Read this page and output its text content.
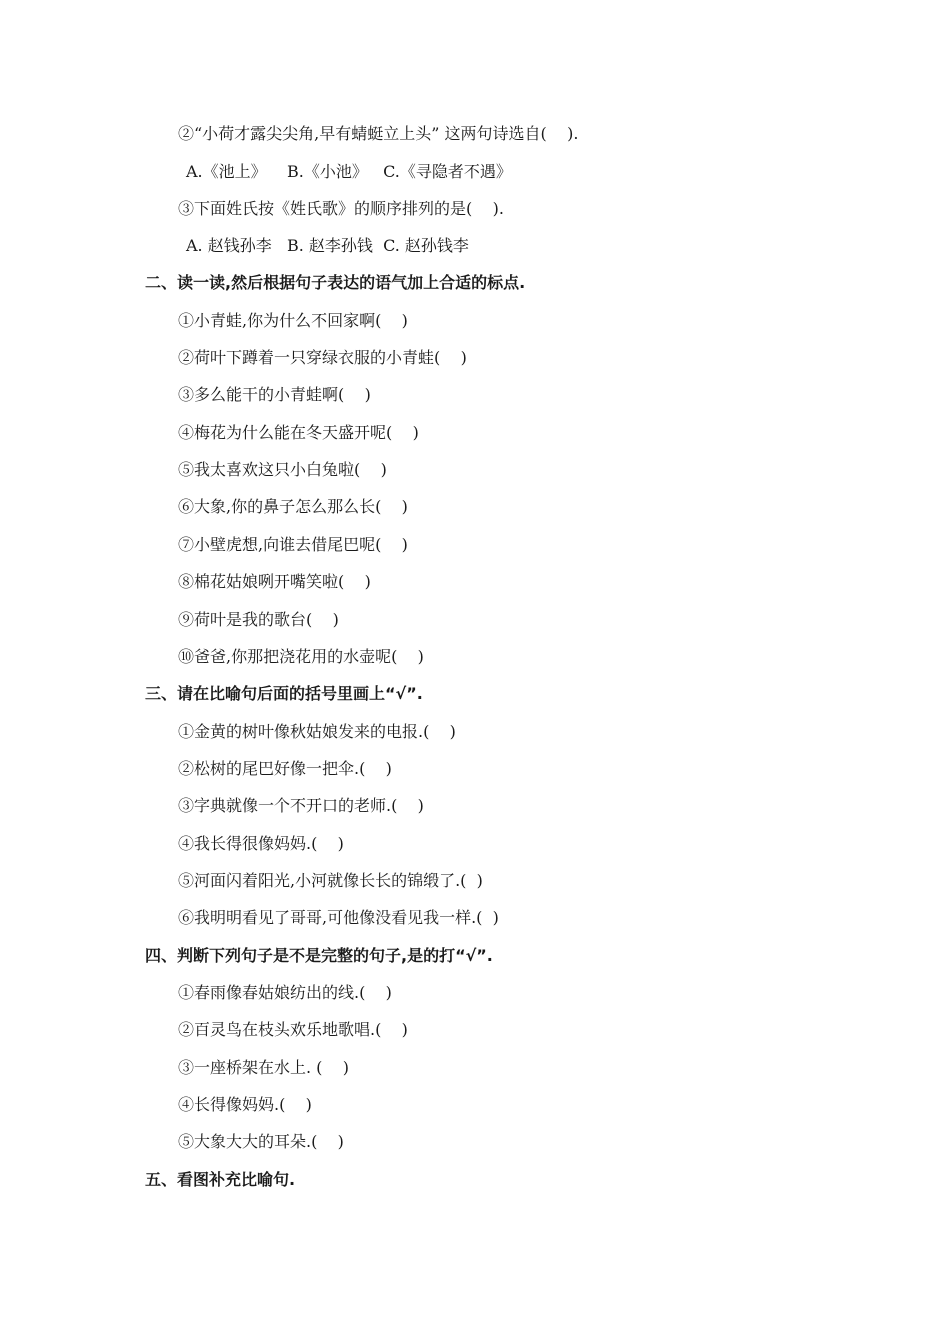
②“小荷才露尖尖角,早有蜻蜓立上头” 这两句诗选自(    ).
A.《池上》    B.《小池》   C.《寻隐者不遇》
③下面姓氏按《姓氏歌》的顺序排列的是(    ).
A. 赵钱孙李   B. 赵李孙钱  C. 赵孙钱李
二、读一读,然后根据句子表达的语气加上合适的标点.
①小青蛙,你为什么不回家啊(    )
②荷叶下蹲着一只穿绿衣服的小青蛙(    )
③多么能干的小青蛙啊(    )
④梅花为什么能在冬天盛开呢(    )
⑤我太喜欢这只小白兔啦(    )
⑥大象,你的鼻子怎么那么长(    )
⑦小壁虎想,向谁去借尾巴呢(    )
⑧棉花姑娘咧开嘴笑啦(    )
⑨荷叶是我的歌台(    )
⑩爸爸,你那把浇花用的水壶呢(    )
三、请在比喻句后面的括号里画上“√”.
①金黄的树叶像秋姑娘发来的电报.(    )
②松树的尾巴好像一把伞.(    )
③字典就像一个不开口的老师.(    )
④我长得很像妈妈.(    )
⑤河面闪着阳光,小河就像长长的锦缎了.(  )
⑥我明明看见了哥哥,可他像没看见我一样.(  )
四、判断下列句子是不是完整的句子,是的打“√”.
①春雨像春姑娘纺出的线.(    )
②百灵鸟在枝头欢乐地歌唱.(    )
③一座桥架在水上. (    )
④长得像妈妈.(    )
⑤大象大大的耳朵.(    )
五、看图补充比喻句.
